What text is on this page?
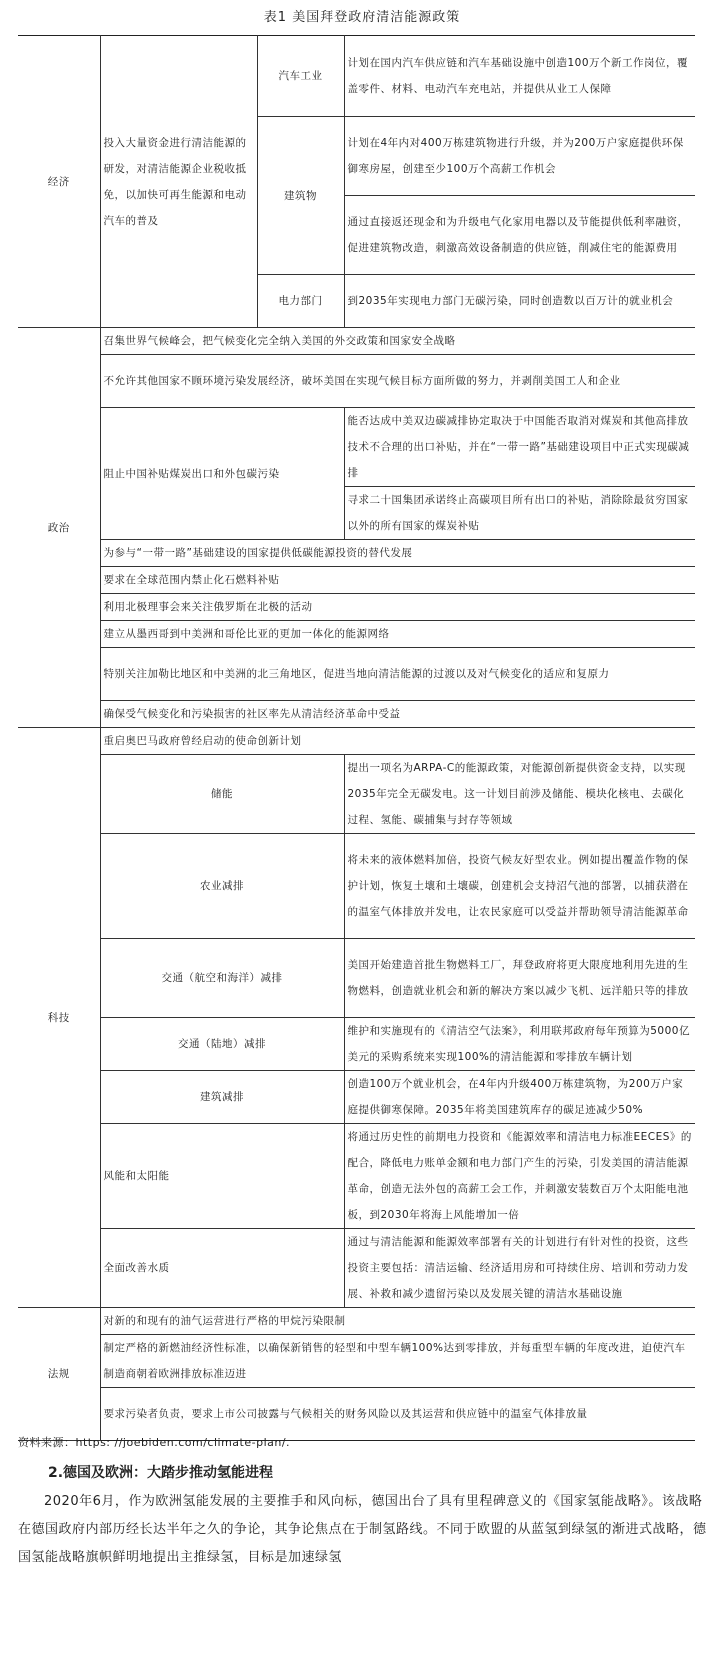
表1 美国拜登政府清洁能源政策
经济	投入大量资金进行清洁能源的研发，对清洁能源企业税收抵免，以加快可再生能源和电动汽车的普及	汽车工业	计划在国内汽车供应链和汽车基础设施中创造100万个新工作岗位，覆盖零件、材料、电动汽车充电站，并提供从业工人保障
		建筑物	计划在4年内对400万栋建筑物进行升级，并为200万户家庭提供环保御寒房屋，创建至少100万个高薪工作机会
			通过直接返还现金和为升级电气化家用电器以及节能提供低利率融资，促进建筑物改造，刺激高效设备制造的供应链，削减住宅的能源费用
		电力部门	到2035年实现电力部门无碳污染，同时创造数以百万计的就业机会
政治	召集世界气候峰会，把气候变化完全纳入美国的外交政策和国家安全战略		
	不允许其他国家不顾环境污染发展经济，破坏美国在实现气候目标方面所做的努力，并剥削美国工人和企业		
	阻止中国补贴煤炭出口和外包碳污染		能否达成中美双边碳减排协定取决于中国能否取消对煤炭和其他高排放技术不合理的出口补贴，并在“一带一路”基础建设项目中正式实现碳减排
			寻求二十国集团承诺终止高碳项目所有出口的补贴，消除除最贫穷国家以外的所有国家的煤炭补贴
	为参与“一带一路”基础建设的国家提供低碳能源投资的替代发展		
	要求在全球范围内禁止化石燃料补贴		
	利用北极理事会来关注俄罗斯在北极的活动		
	建立从墨西哥到中美洲和哥伦比亚的更加一体化的能源网络		
	特别关注加勒比地区和中美洲的北三角地区，促进当地向清洁能源的过渡以及对气候变化的适应和复原力		
	确保受气候变化和污染损害的社区率先从清洁经济革命中受益		
科技	重启奥巴马政府曾经启动的使命创新计划		
	储能		提出一项名为ARPA-C的能源政策，对能源创新提供资金支持，以实现2035年完全无碳发电。这一计划目前涉及储能、模块化核电、去碳化过程、氢能、碳捕集与封存等领域
	农业减排		将未来的液体燃料加倍，投资气候友好型农业。例如提出覆盖作物的保护计划，恢复土壤和土壤碳，创建机会支持沼气池的部署，以捕获潜在的温室气体排放并发电，让农民家庭可以受益并帮助领导清洁能源革命
	交通（航空和海洋）减排		美国开始建造首批生物燃料工厂，拜登政府将更大限度地利用先进的生物燃料，创造就业机会和新的解决方案以减少飞机、远洋船只等的排放
	交通（陆地）减排		维护和实施现有的《清洁空气法案》，利用联邦政府每年预算为5000亿美元的采购系统来实现100%的清洁能源和零排放车辆计划
	建筑减排		创造100万个就业机会，在4年内升级400万栋建筑物，为200万户家庭提供御寒保障。2035年将美国建筑库存的碳足迹减少50%
	风能和太阳能		将通过历史性的前期电力投资和《能源效率和清洁电力标准EECES》的配合，降低电力账单金额和电力部门产生的污染，引发美国的清洁能源革命，创造无法外包的高薪工会工作，并刺激安装数百万个太阳能电池板，到2030年将海上风能增加一倍
	全面改善水质		通过与清洁能源和能源效率部署有关的计划进行有针对性的投资，这些投资主要包括：清洁运输、经济适用房和可持续住房、培训和劳动力发展、补救和减少遗留污染以及发展关键的清洁水基础设施
法规	对新的和现有的油气运营进行严格的甲烷污染限制		
	制定严格的新燃油经济性标准，以确保新销售的轻型和中型车辆100%达到零排放，并每重型车辆的年度改进，迫使汽车制造商朝着欧洲排放标准迈进		
	要求污染者负责，要求上市公司披露与气候相关的财务风险以及其运营和供应链中的温室气体排放量		
资料来源：https: //joebiden.com/climate-plan/.
2.德国及欧洲：大踏步推动氢能进程

2020年6月，作为欧洲氢能发展的主要推手和风向标，德国出台了具有里程碑意义的《国家氢能战略》。该战略在德国政府内部历经长达半年之久的争论，其争论焦点在于制氢路线。不同于欧盟的从蓝氢到绿氢的渐进式战略，德国氢能战略旗帜鲜明地提出主推绿氢，目标是加速绿氢
